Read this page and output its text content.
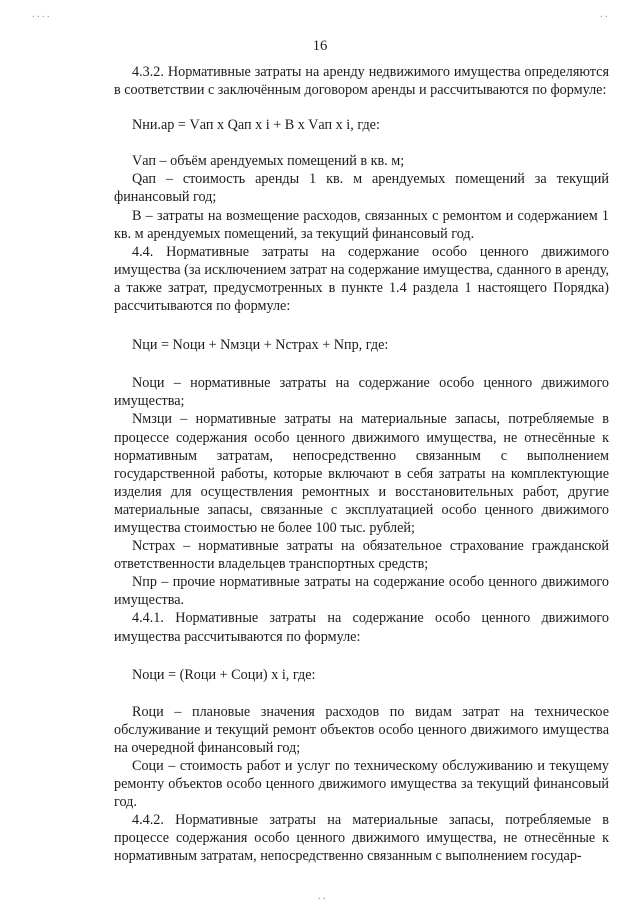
. . . .	. .
16

4.3.2. Нормативные затраты на аренду недвижимого имущества определяются в соответствии с заключённым договором аренды и рассчитываются по формуле:

Nни.ар = Vап x Qап x i + В x Vап x i, где:

Vап – объём арендуемых помещений в кв. м;

Qап – стоимость аренды 1 кв. м арендуемых помещений за текущий финансовый год;

В – затраты на возмещение расходов, связанных с ремонтом и содержанием 1 кв. м арендуемых помещений, за текущий финансовый год.

4.4. Нормативные затраты на содержание особо ценного движимого имущества (за исключением затрат на содержание имущества, сданного в аренду, а также затрат, предусмотренных в пункте 1.4 раздела 1 настоящего Порядка) рассчитываются по формуле:

Nци = Nоци + Nмзци + Nстрах + Nпр, где:

Nоци – нормативные затраты на содержание особо ценного движимого имущества;

Nмзци – нормативные затраты на материальные запасы, потребляемые в процессе содержания особо ценного движимого имущества, не отнесённые к нормативным затратам, непосредственно связанным с выполнением государственной работы, которые включают в себя затраты на комплектующие изделия для осуществления ремонтных и восстановительных работ, другие материальные запасы, связанные с эксплуатацией особо ценного движимого имущества стоимостью не более 100 тыс. рублей;

Nстрах – нормативные затраты на обязательное страхование гражданской ответственности владельцев транспортных средств;

Nпр – прочие нормативные затраты на содержание особо ценного движимого имущества.

4.4.1. Нормативные затраты на содержание особо ценного движимого имущества рассчитываются по формуле:

Nоци = (Rоци + Соци) x i, где:

Rоци – плановые значения расходов по видам затрат на техническое обслуживание и текущий ремонт объектов особо ценного движимого имущества на очередной финансовый год;

Соци – стоимость работ и услуг по техническому обслуживанию и текущему ремонту объектов особо ценного движимого имущества за текущий финансовый год.

4.4.2. Нормативные затраты на материальные запасы, потребляемые в процессе содержания особо ценного движимого имущества, не отнесённые к нормативным затратам, непосредственно связанным с выполнением государ-

. .
